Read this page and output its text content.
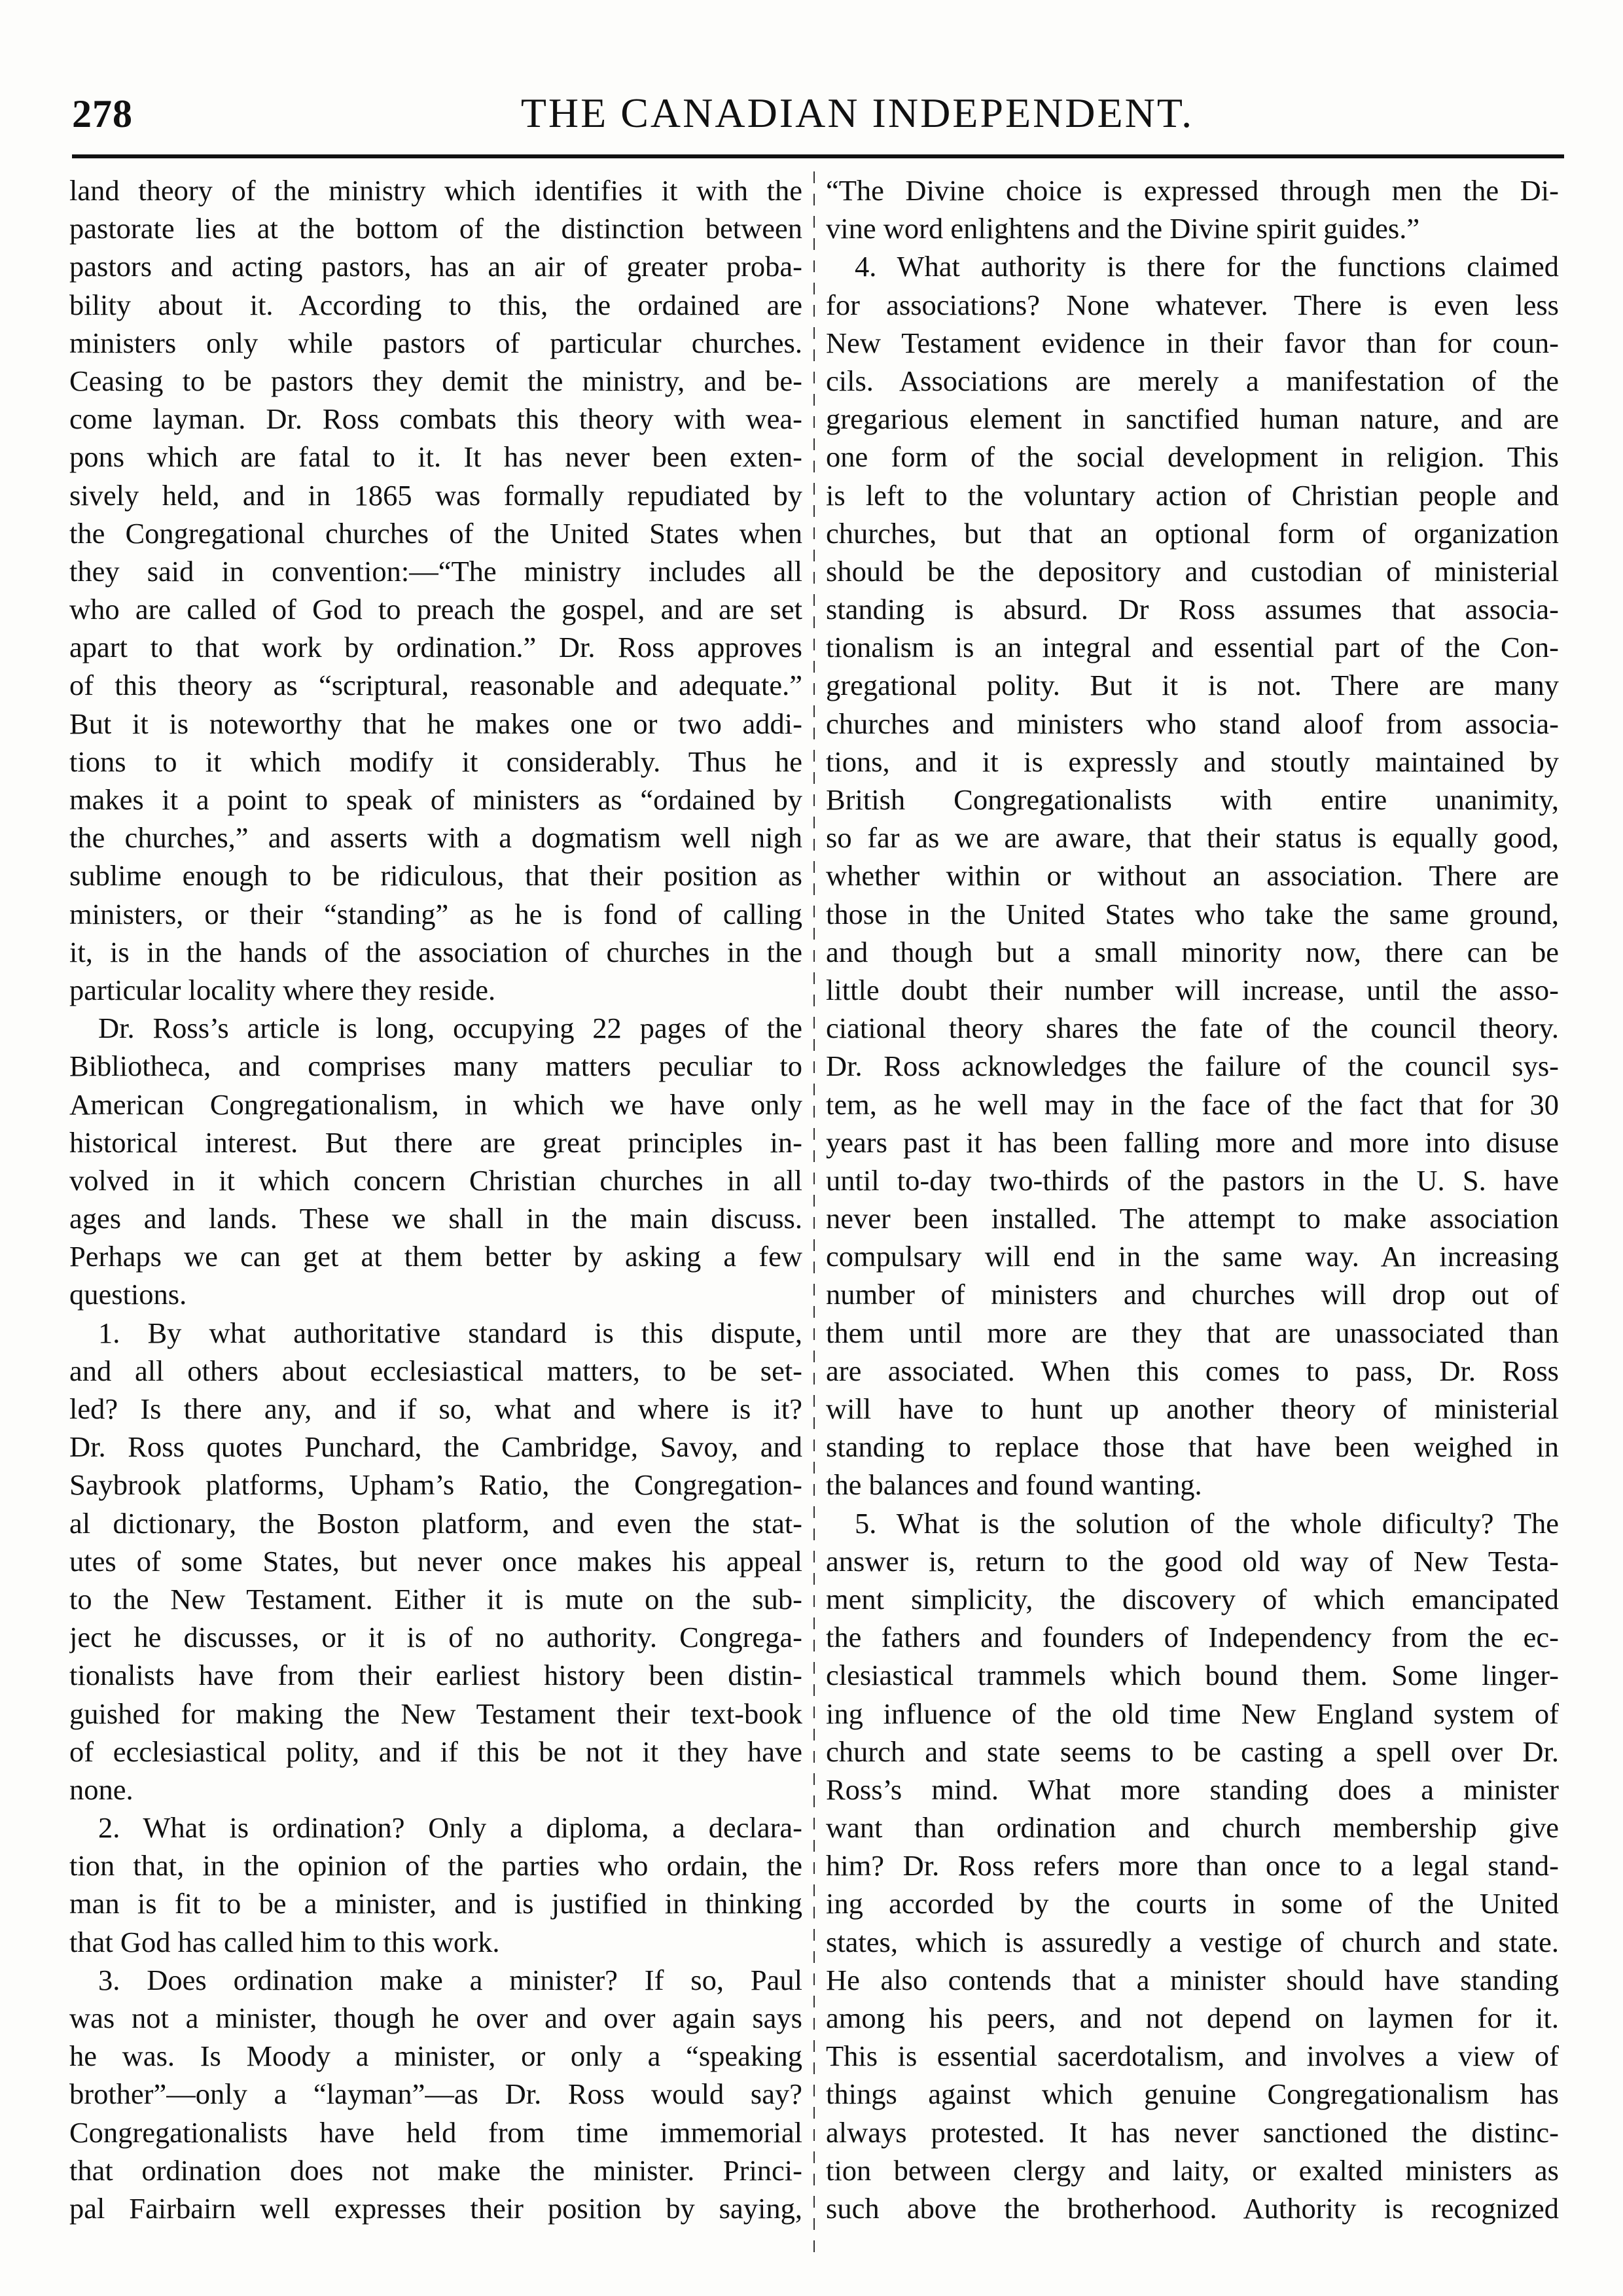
278	THE CANADIAN INDEPENDENT.
land theory of the ministry which identifies it with the
pastorate lies at the bottom of the distinction between
pastors and acting pastors, has an air of greater proba-
bility about it. According to this, the ordained are
ministers only while pastors of particular churches.
Ceasing to be pastors they demit the ministry, and be-
come layman. Dr. Ross combats this theory with wea-
pons which are fatal to it. It has never been exten-
sively held, and in 1865 was formally repudiated by
the Congregational churches of the United States when
they said in convention:—“The ministry includes all
who are called of God to preach the gospel, and are set
apart to that work by ordination.” Dr. Ross approves
of this theory as “scriptural, reasonable and adequate.”
But it is noteworthy that he makes one or two addi-
tions to it which modify it considerably. Thus he
makes it a point to speak of ministers as “ordained by
the churches,” and asserts with a dogmatism well nigh
sublime enough to be ridiculous, that their position as
ministers, or their “standing” as he is fond of calling
it, is in the hands of the association of churches in the
particular locality where they reside.
Dr. Ross’s article is long, occupying 22 pages of the
Bibliotheca, and comprises many matters peculiar to
American Congregationalism, in which we have only
historical interest. But there are great principles in-
volved in it which concern Christian churches in all
ages and lands. These we shall in the main discuss.
Perhaps we can get at them better by asking a few
questions.
1. By what authoritative standard is this dispute,
and all others about ecclesiastical matters, to be set-
led? Is there any, and if so, what and where is it?
Dr. Ross quotes Punchard, the Cambridge, Savoy, and
Saybrook platforms, Upham’s Ratio, the Congregation-
al dictionary, the Boston platform, and even the stat-
utes of some States, but never once makes his appeal
to the New Testament. Either it is mute on the sub-
ject he discusses, or it is of no authority. Congrega-
tionalists have from their earliest history been distin-
guished for making the New Testament their text-book
of ecclesiastical polity, and if this be not it they have
none.
2. What is ordination? Only a diploma, a declara-
tion that, in the opinion of the parties who ordain, the
man is fit to be a minister, and is justified in thinking
that God has called him to this work.
3. Does ordination make a minister? If so, Paul
was not a minister, though he over and over again says
he was. Is Moody a minister, or only a “speaking
brother”—only a “layman”—as Dr. Ross would say?
Congregationalists have held from time immemorial
that ordination does not make the minister. Princi-
pal Fairbairn well expresses their position by saying,
“The Divine choice is expressed through men the Di-
vine word enlightens and the Divine spirit guides.”
4. What authority is there for the functions claimed
for associations? None whatever. There is even less
New Testament evidence in their favor than for coun-
cils. Associations are merely a manifestation of the
gregarious element in sanctified human nature, and are
one form of the social development in religion. This
is left to the voluntary action of Christian people and
churches, but that an optional form of organization
should be the depository and custodian of ministerial
standing is absurd. Dr Ross assumes that associa-
tionalism is an integral and essential part of the Con-
gregational polity. But it is not. There are many
churches and ministers who stand aloof from associa-
tions, and it is expressly and stoutly maintained by
British Congregationalists with entire unanimity,
so far as we are aware, that their status is equally good,
whether within or without an association. There are
those in the United States who take the same ground,
and though but a small minority now, there can be
little doubt their number will increase, until the asso-
ciational theory shares the fate of the council theory.
Dr. Ross acknowledges the failure of the council sys-
tem, as he well may in the face of the fact that for 30
years past it has been falling more and more into disuse
until to-day two-thirds of the pastors in the U. S. have
never been installed. The attempt to make association
compulsary will end in the same way. An increasing
number of ministers and churches will drop out of
them until more are they that are unassociated than
are associated. When this comes to pass, Dr. Ross
will have to hunt up another theory of ministerial
standing to replace those that have been weighed in
the balances and found wanting.
5. What is the solution of the whole dificulty? The
answer is, return to the good old way of New Testa-
ment simplicity, the discovery of which emancipated
the fathers and founders of Independency from the ec-
clesiastical trammels which bound them. Some linger-
ing influence of the old time New England system of
church and state seems to be casting a spell over Dr.
Ross’s mind. What more standing does a minister
want than ordination and church membership give
him? Dr. Ross refers more than once to a legal stand-
ing accorded by the courts in some of the United
states, which is assuredly a vestige of church and state.
He also contends that a minister should have standing
among his peers, and not depend on laymen for it.
This is essential sacerdotalism, and involves a view of
things against which genuine Congregationalism has
always protested. It has never sanctioned the distinc-
tion between clergy and laity, or exalted ministers as
such above the brotherhood. Authority is recognized
